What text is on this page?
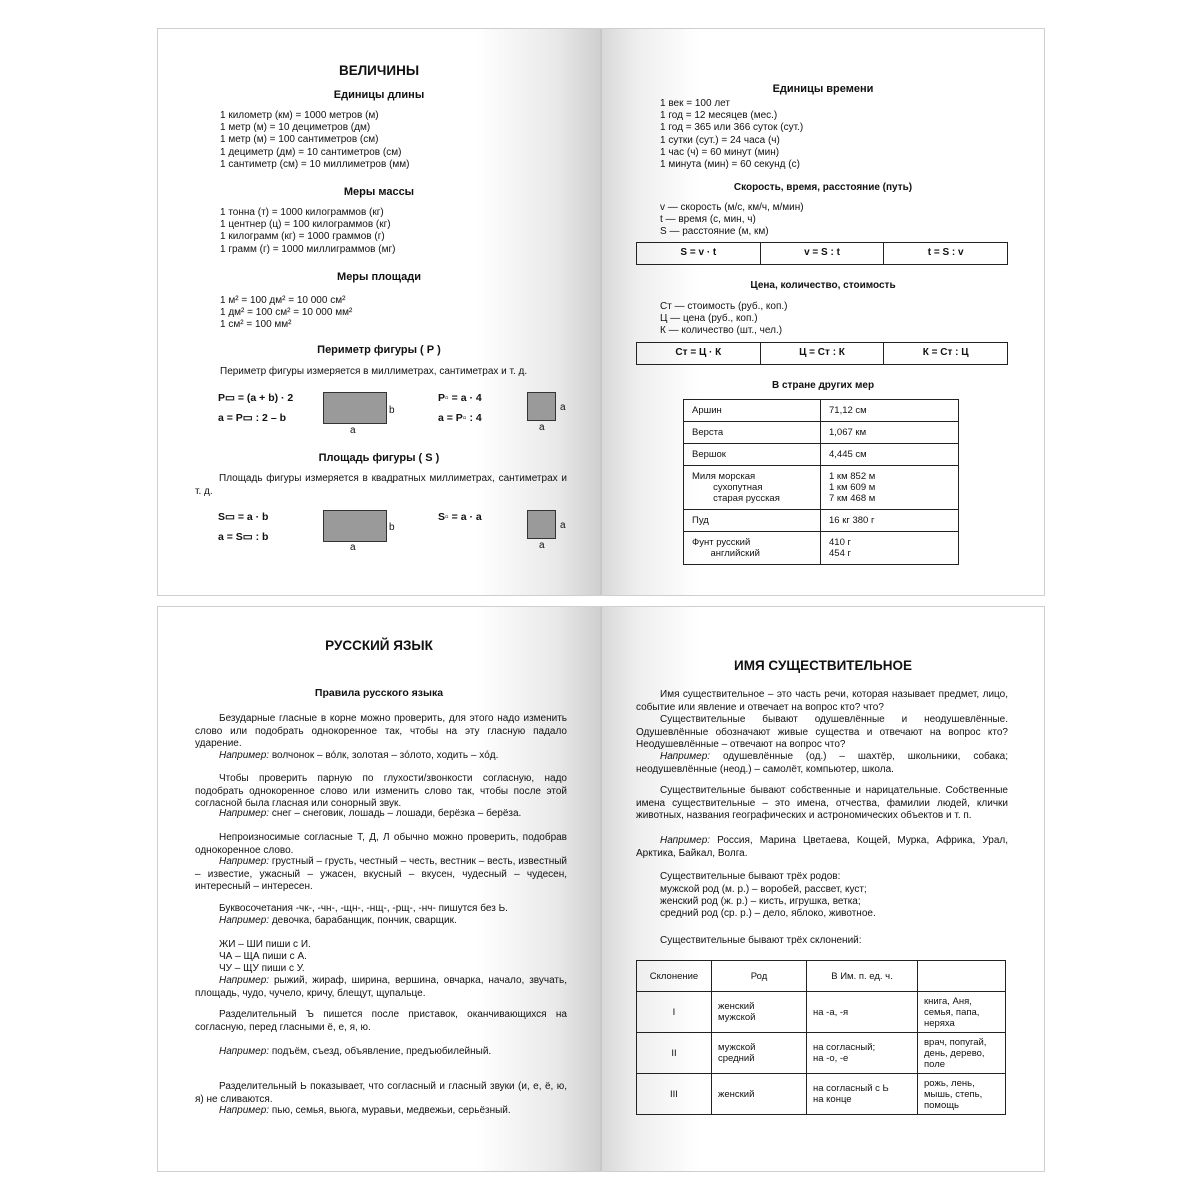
ВЕЛИЧИНЫ
Единицы длины
1 километр (км) = 1000 метров (м)
1 метр (м) = 10 дециметров (дм)
1 метр (м) = 100 сантиметров (см)
1 дециметр (дм) = 10 сантиметров (см)
1 сантиметр (см) = 10 миллиметров (мм)
Меры массы
1 тонна (т) = 1000 килограммов (кг)
1 центнер (ц) = 100 килограммов (кг)
1 килограмм (кг) = 1000 граммов (г)
1 грамм (г) = 1000 миллиграммов (мг)
Меры площади
1 м² = 100 дм² = 10 000 см²
1 дм² = 100 см² = 10 000 мм²
1 см² = 100 мм²
Периметр фигуры ( Р )
Периметр фигуры измеряется в миллиметрах, сантиметрах и т. д.
P▭ = (a + b) · 2
a = P▭ : 2 – b
b
a
P▫ = a · 4
a = P▫ : 4
a
a
Площадь фигуры ( S )
Площадь фигуры измеряется в квадратных миллиметрах, сантиметрах и т. д.
S▭ = a · b
a = S▭ : b
b
a
S▫ = a · a
a
a
Единицы времени
1 век = 100 лет
1 год = 12 месяцев (мес.)
1 год = 365 или 366 суток (сут.)
1 сутки (сут.) = 24 часа (ч)
1 час (ч) = 60 минут (мин)
1 минута (мин) = 60 секунд (с)
Скорость, время, расстояние (путь)
v — скорость (м/с, км/ч, м/мин)
t — время (с, мин, ч)
S — расстояние (м, км)
S = v · t	v = S : t	t = S : v
Цена, количество, стоимость
Ст — стоимость (руб., коп.)
Ц — цена (руб., коп.)
К — количество (шт., чел.)
Ст = Ц · К	Ц = Ст : К	К = Ст : Ц
В стране других мер
Аршин	71,12 см
Верста	1,067 км
Вершок	4,445 см
Миля морская
сухопутная
старая русская	1 км 852 м
1 км 609 м
7 км 468 м
Пуд	16 кг 380 г
Фунт русский
английский	410 г
454 г
РУССКИЙ ЯЗЫК
Правила русского языка
Безударные гласные в корне можно проверить, для этого надо изменить слово или подобрать однокоренное так, чтобы на эту гласную падало ударение.
Например: волчонок – вóлк, золотая – зóлото, ходить – хóд.
Чтобы проверить парную по глухости/звонкости согласную, надо подобрать однокоренное слово или изменить слово так, чтобы после этой согласной была гласная или сонорный звук.
Например: снег – снеговик, лошадь – лошади, берёзка – берёза.
Непроизносимые согласные Т, Д, Л обычно можно проверить, подобрав однокоренное слово.
Например: грустный – грусть, честный – честь, вестник – весть, известный – известие, ужасный – ужасен, вкусный – вкусен, чудесный – чудесен, интересный – интересен.
Буквосочетания -чк-, -чн-, -щн-, -нщ-, -рщ-, -нч- пишутся без Ь.
Например: девочка, барабанщик, пончик, сварщик.
ЖИ – ШИ пиши с И.
ЧА – ЩА пиши с А.
ЧУ – ЩУ пиши с У.
Например: рыжий, жираф, ширина, вершина, овчарка, начало, звучать, площадь, чудо, чучело, кричу, блещут, щупальце.
Разделительный Ъ пишется после приставок, оканчивающихся на согласную, перед гласными ё, е, я, ю.
Например: подъём, съезд, объявление, предъюбилейный.
Разделительный Ь показывает, что согласный и гласный звуки (и, е, ё, ю, я) не сливаются.
Например: пью, семья, вьюга, муравьи, медвежьи, серьёзный.
ИМЯ СУЩЕСТВИТЕЛЬНОЕ
Имя существительное – это часть речи, которая называет предмет, лицо, событие или явление и отвечает на вопрос кто? что?
Существительные бывают одушевлённые и неодушевлённые. Одушевлённые обозначают живые существа и отвечают на вопрос кто? Неодушевлённые – отвечают на вопрос что?
Например: одушевлённые (од.) – шахтёр, школьники, собака; неодушевлённые (неод.) – самолёт, компьютер, школа.
Существительные бывают собственные и нарицательные. Собственные имена существительные – это имена, отчества, фамилии людей, клички животных, названия географических и астрономических объектов и т. п.
Например: Россия, Марина Цветаева, Кощей, Мурка, Африка, Урал, Арктика, Байкал, Волга.
Существительные бывают трёх родов:
мужской род (м. р.) – воробей, рассвет, куст;
женский род (ж. р.) – кисть, игрушка, ветка;
средний род (ср. р.) – дело, яблоко, животное.
Существительные бывают трёх склонений:
Склонение	Род	В Им. п. ед. ч.	
I	женский
мужской	на -а, -я	книга, Аня,
семья, папа,
неряха
II	мужской
средний	на согласный;
на -о, -е	врач, попугай,
день, дерево,
поле
III	женский	на согласный с Ь
на конце	рожь, лень,
мышь, степь,
помощь
